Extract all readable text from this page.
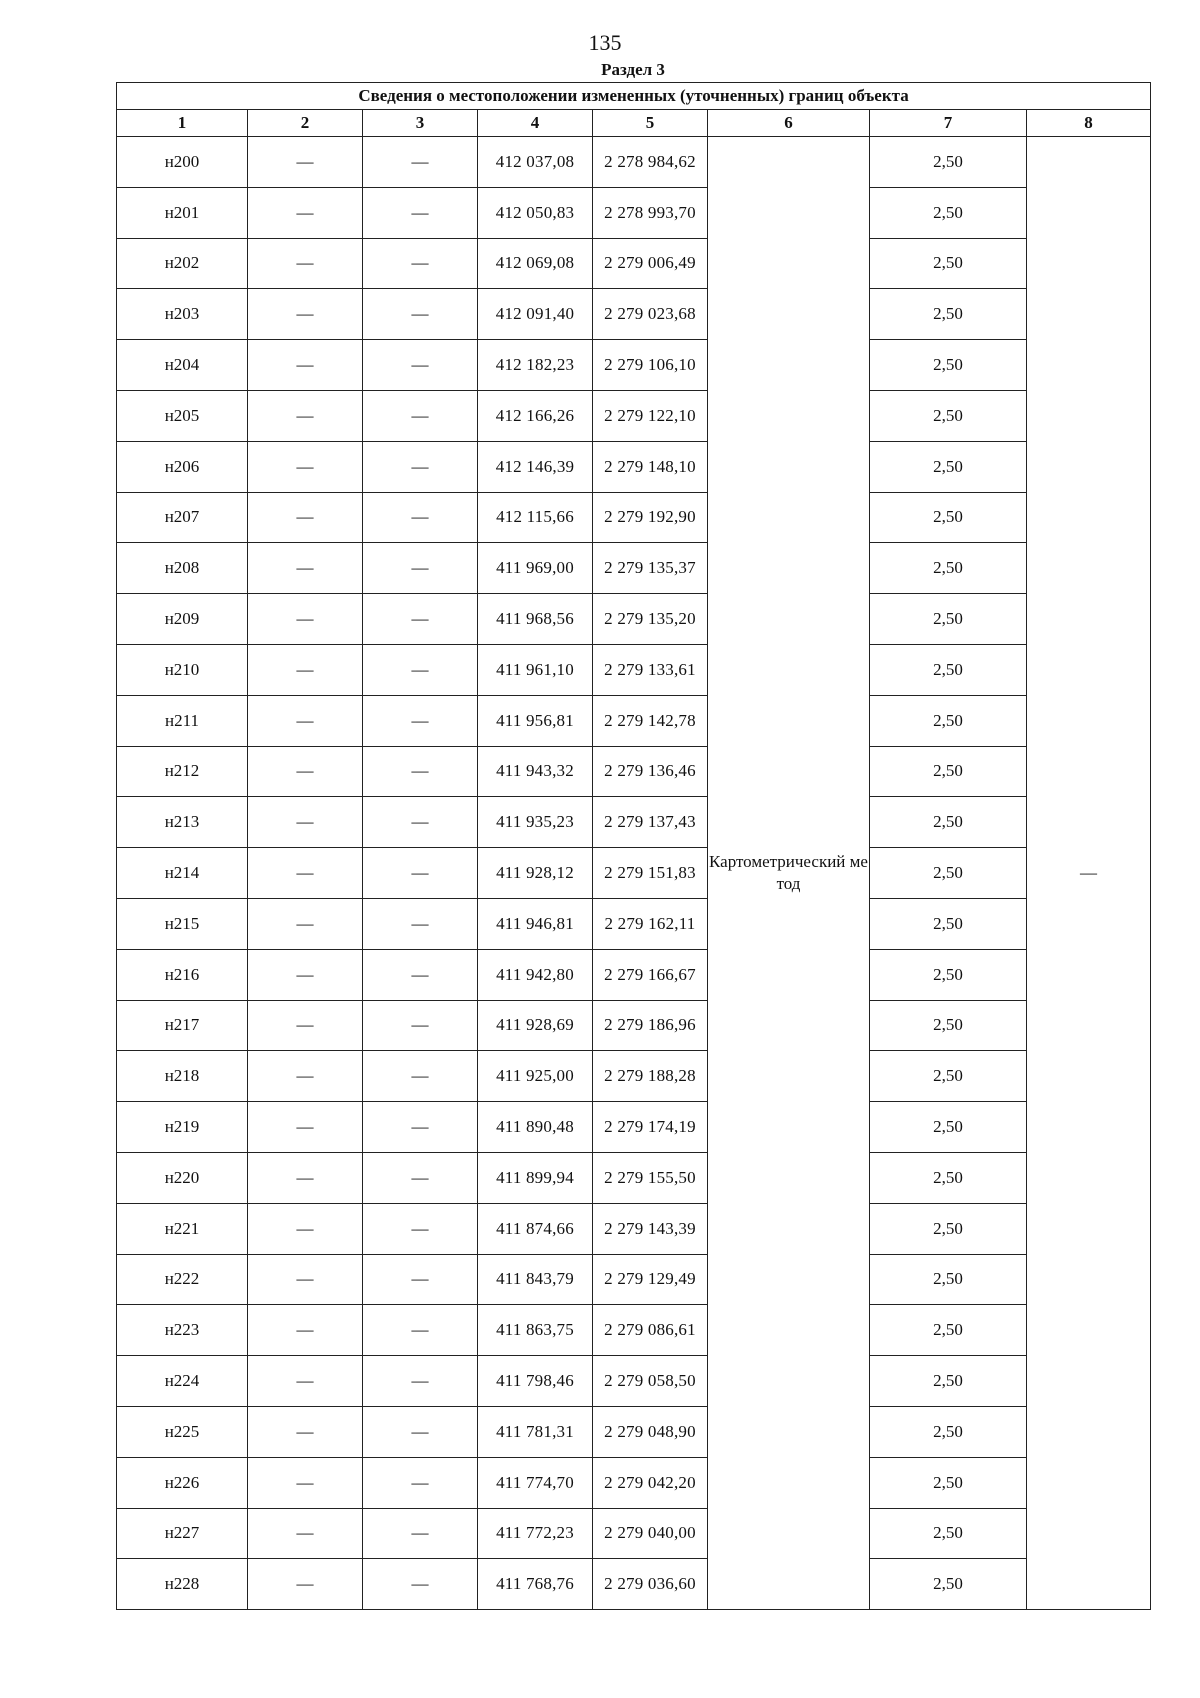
135
Раздел 3
Сведения о местоположении измененных (уточненных) границ объекта							
1	2	3	4	5	6	7	8
н200	—	—	412 037,08	2 278 984,62	Картометрический метод	2,50	—
н201	—	—	412 050,83	2 278 993,70		2,50	
н202	—	—	412 069,08	2 279 006,49		2,50	
н203	—	—	412 091,40	2 279 023,68		2,50	
н204	—	—	412 182,23	2 279 106,10		2,50	
н205	—	—	412 166,26	2 279 122,10		2,50	
н206	—	—	412 146,39	2 279 148,10		2,50	
н207	—	—	412 115,66	2 279 192,90		2,50	
н208	—	—	411 969,00	2 279 135,37		2,50	
н209	—	—	411 968,56	2 279 135,20		2,50	
н210	—	—	411 961,10	2 279 133,61		2,50	
н211	—	—	411 956,81	2 279 142,78		2,50	
н212	—	—	411 943,32	2 279 136,46		2,50	
н213	—	—	411 935,23	2 279 137,43		2,50	
н214	—	—	411 928,12	2 279 151,83		2,50	
н215	—	—	411 946,81	2 279 162,11		2,50	
н216	—	—	411 942,80	2 279 166,67		2,50	
н217	—	—	411 928,69	2 279 186,96		2,50	
н218	—	—	411 925,00	2 279 188,28		2,50	
н219	—	—	411 890,48	2 279 174,19		2,50	
н220	—	—	411 899,94	2 279 155,50		2,50	
н221	—	—	411 874,66	2 279 143,39		2,50	
н222	—	—	411 843,79	2 279 129,49		2,50	
н223	—	—	411 863,75	2 279 086,61		2,50	
н224	—	—	411 798,46	2 279 058,50		2,50	
н225	—	—	411 781,31	2 279 048,90		2,50	
н226	—	—	411 774,70	2 279 042,20		2,50	
н227	—	—	411 772,23	2 279 040,00		2,50	
н228	—	—	411 768,76	2 279 036,60		2,50	
